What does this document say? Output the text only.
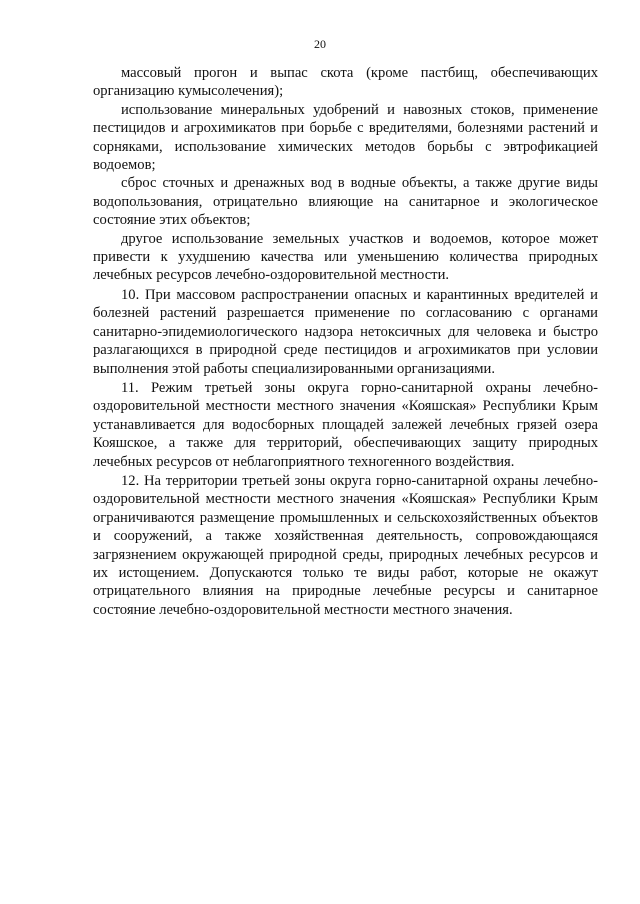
20

массовый прогон и выпас скота (кроме пастбищ, обеспечивающих организацию кумысолечения);

использование минеральных удобрений и навозных стоков, применение пестицидов и агрохимикатов при борьбе с вредителями, болезнями растений и сорняками, использование химических методов борьбы с эвтрофикацией водоемов;

сброс сточных и дренажных вод в водные объекты, а также другие виды водопользования, отрицательно влияющие на санитарное и экологическое состояние этих объектов;

другое использование земельных участков и водоемов, которое может привести к ухудшению качества или уменьшению количества природных лечебных ресурсов лечебно-оздоровительной местности.

10. При массовом распространении опасных и карантинных вредителей и болезней растений разрешается применение по согласованию с органами санитарно-эпидемиологического надзора нетоксичных для человека и быстро разлагающихся в природной среде пестицидов и агрохимикатов при условии выполнения этой работы специализированными организациями.

11. Режим третьей зоны округа горно-санитарной охраны лечебно-оздоровительной местности местного значения «Кояшская» Республики Крым устанавливается для водосборных площадей залежей лечебных грязей озера Кояшское, а также для территорий, обеспечивающих защиту природных лечебных ресурсов от неблагоприятного техногенного воздействия.

12. На территории третьей зоны округа горно-санитарной охраны лечебно-оздоровительной местности местного значения «Кояшская» Республики Крым ограничиваются размещение промышленных и сельскохозяйственных объектов и сооружений, а также хозяйственная деятельность, сопровождающаяся загрязнением окружающей природной среды, природных лечебных ресурсов и их истощением. Допускаются только те виды работ, которые не окажут отрицательного влияния на природные лечебные ресурсы и санитарное состояние лечебно-оздоровительной местности местного значения.
